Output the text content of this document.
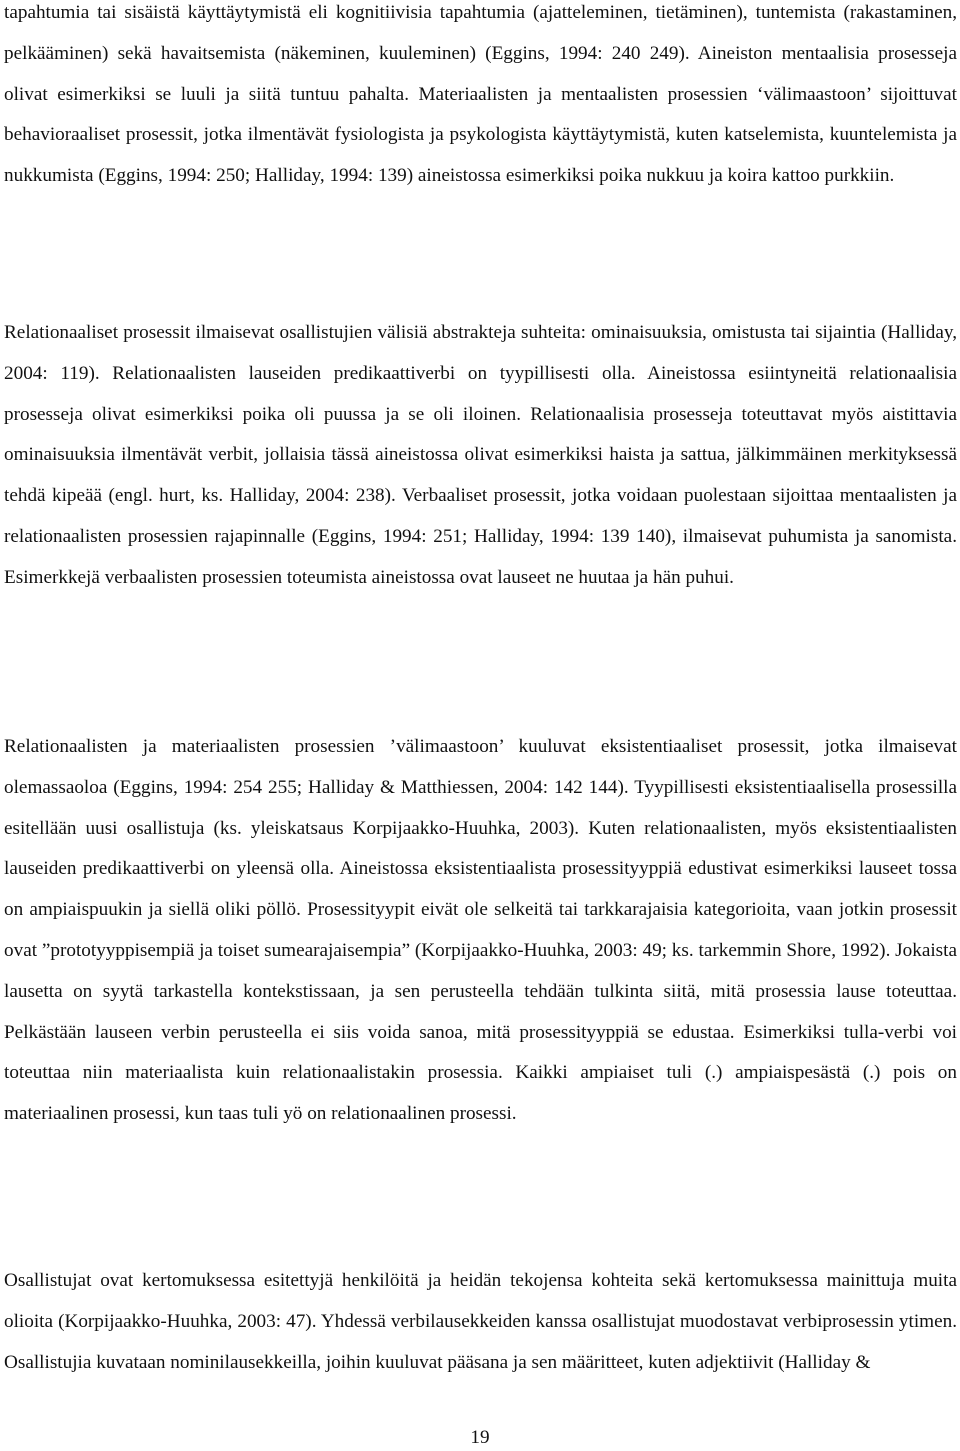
tapahtumia tai sisäistä käyttäytymistä eli kognitiivisia tapahtumia (ajatteleminen, tietäminen), tuntemista (rakastaminen, pelkääminen) sekä havaitsemista (näkeminen, kuuleminen) (Eggins, 1994: 240 249). Aineiston mentaalisia prosesseja olivat esimerkiksi se luuli ja siitä tuntuu pahalta. Materiaalisten ja mentaalisten prosessien ‘välimaastoon’ sijoittuvat behavioraaliset prosessit, jotka ilmentävät fysiologista ja psykologista käyttäytymistä, kuten katselemista, kuuntelemista ja nukkumista (Eggins, 1994: 250; Halliday, 1994: 139) aineistossa esimerkiksi poika nukkuu ja koira kattoo purkkiin.

Relationaaliset prosessit ilmaisevat osallistujien välisiä abstrakteja suhteita: ominaisuuksia, omistusta tai sijaintia (Halliday, 2004: 119). Relationaalisten lauseiden predikaattiverbi on tyypillisesti olla. Aineistossa esiintyneitä relationaalisia prosesseja olivat esimerkiksi poika oli puussa ja se oli iloinen. Relationaalisia prosesseja toteuttavat myös aistittavia ominaisuuksia ilmentävät verbit, jollaisia tässä aineistossa olivat esimerkiksi haista ja sattua, jälkimmäinen merkityksessä tehdä kipeää (engl. hurt, ks. Halliday, 2004: 238). Verbaaliset prosessit, jotka voidaan puolestaan sijoittaa mentaalisten ja relationaalisten prosessien rajapinnalle (Eggins, 1994: 251; Halliday, 1994: 139 140), ilmaisevat puhumista ja sanomista. Esimerkkejä verbaalisten prosessien toteumista aineistossa ovat lauseet ne huutaa ja hän puhui.

Relationaalisten ja materiaalisten prosessien ’välimaastoon’ kuuluvat eksistentiaaliset prosessit, jotka ilmaisevat olemassaoloa (Eggins, 1994: 254 255; Halliday & Matthiessen, 2004: 142 144). Tyypillisesti eksistentiaalisella prosessilla esitellään uusi osallistuja (ks. yleiskatsaus Korpijaakko-Huuhka, 2003). Kuten relationaalisten, myös eksistentiaalisten lauseiden predikaattiverbi on yleensä olla. Aineistossa eksistentiaalista prosessityyppiä edustivat esimerkiksi lauseet tossa on ampiaispuukin ja siellä oliki pöllö. Prosessityypit eivät ole selkeitä tai tarkkarajaisia kategorioita, vaan jotkin prosessit ovat ”prototyyppisempiä ja toiset sumearajaisempia” (Korpijaakko-Huuhka, 2003: 49; ks. tarkemmin Shore, 1992). Jokaista lausetta on syytä tarkastella kontekstissaan, ja sen perusteella tehdään tulkinta siitä, mitä prosessia lause toteuttaa. Pelkästään lauseen verbin perusteella ei siis voida sanoa, mitä prosessityyppiä se edustaa. Esimerkiksi tulla-verbi voi toteuttaa niin materiaalista kuin relationaalistakin prosessia. Kaikki ampiaiset tuli (.) ampiaispesästä (.) pois on materiaalinen prosessi, kun taas tuli yö on relationaalinen prosessi.

Osallistujat ovat kertomuksessa esitettyjä henkilöitä ja heidän tekojensa kohteita sekä kertomuksessa mainittuja muita olioita (Korpijaakko-Huuhka, 2003: 47). Yhdessä verbilausekkeiden kanssa osallistujat muodostavat verbiprosessin ytimen. Osallistujia kuvataan nominilausekkeilla, joihin kuuluvat pääsana ja sen määritteet, kuten adjektiivit (Halliday &

19
